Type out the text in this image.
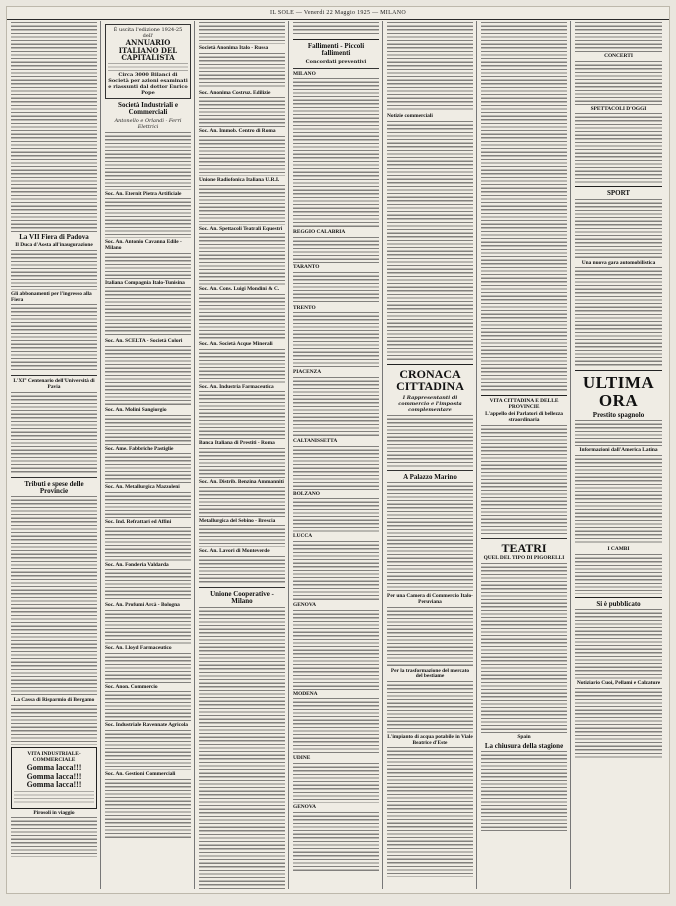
IL SOLE — Venerdi 22 Maggio 1925 — MILANO
La VII Fiera di Padova
Il Duca d'Aosta all'inaugurazione
Gli abbonamenti per l'ingresso alla Fiera
L'XI° Centenario dell'Università di Pavia
Tributi e spese delle Provincie
La Cassa di Risparmio di Bergamo
VITA INDUSTRIALE-COMMERCIALE
Gomma lacca!!!
Gomma lacca!!!
Gomma lacca!!!
Pirosoli in viaggio
È uscita l'edizione 1924-25 dell'
ANNUARIO ITALIANO DEL CAPITALISTA
Circa 3000 Bilanci di Società per azioni esaminati e riassunti dal dottor Enrico Pope
Società Industriali e Commerciali
Antonello e Orlandi - Ferri Elettrici
Soc. An. Eternit Pietra Artificiale
Soc. An. Antonio Cavanna Edile - Milano
Italiana Compagnia Italo-Tunisina
Soc. An. SCELTA - Società Colori
Soc. An. Molini Sangiorgio
Soc. Ame. Fabbriche Pastiglie
Soc. An. Metallurgica Mazzoleni
Soc. Ind. Refrattari ed Affini
Soc. An. Fonderia Valdarda
Soc. An. Profumi Arcà - Bologna
Soc. An. Lloyd Farmaceutico
Soc. Anon. Commercio
Soc. Industriale Ravennate Agricola
Soc. An. Gestioni Commerciali
Società Anonima Italo - Russa
Soc. Anonima Costruz. Edilizie
Soc. An. Immob. Centro di Roma
Unione Radiofonica Italiana U.R.I.
Soc. An. Spettacoli Teatrali Equestri
Soc. An. Cons. Luigi Mondini & C.
Soc. An. Società Acque Minerali
Soc. An. Industria Farmaceutica
Banca Italiana di Prestiti - Roma
Soc. An. Distrib. Benzina Ammanniti
Metallurgica del Sebino - Brescia
Soc. An. Lavori di Monteverde
Unione Cooperative - Milano
Fallimenti - Piccoli fallimenti
Concordati preventivi
MILANO
REGGIO CALABRIA
TARANTO
TRENTO
PIACENZA
CALTANISSETTA
BOLZANO
LUCCA
GENOVA
MODENA
UDINE
GENOVA
Notizie commerciali
CRONACA CITTADINA
I Rappresentanti di commercio e l'imposta complementare
A Palazzo Marino
Per una Camera di Commercio Italo-Peruviana
Per la trasformazione del mercato del bestiame
L'impianto di acqua potabile in Viale Beatrice d'Este
VITA CITTADINA E DELLE PROVINCIE
L'appello dei Parlatori di bellezza straordinaria
TEATRI
QUEL DEL TIPO DI PIGORELLI
Spain
La chiusura della stagione
CONCERTI
SPETTACOLI D'OGGI
SPORT
Una nuova gara automobilistica
ULTIMA ORA
Prestito spagnolo
Informazioni dall'America Latina
I CAMBI
Si è pubblicato
Notiziario Cuoi, Pellami e Calzature
